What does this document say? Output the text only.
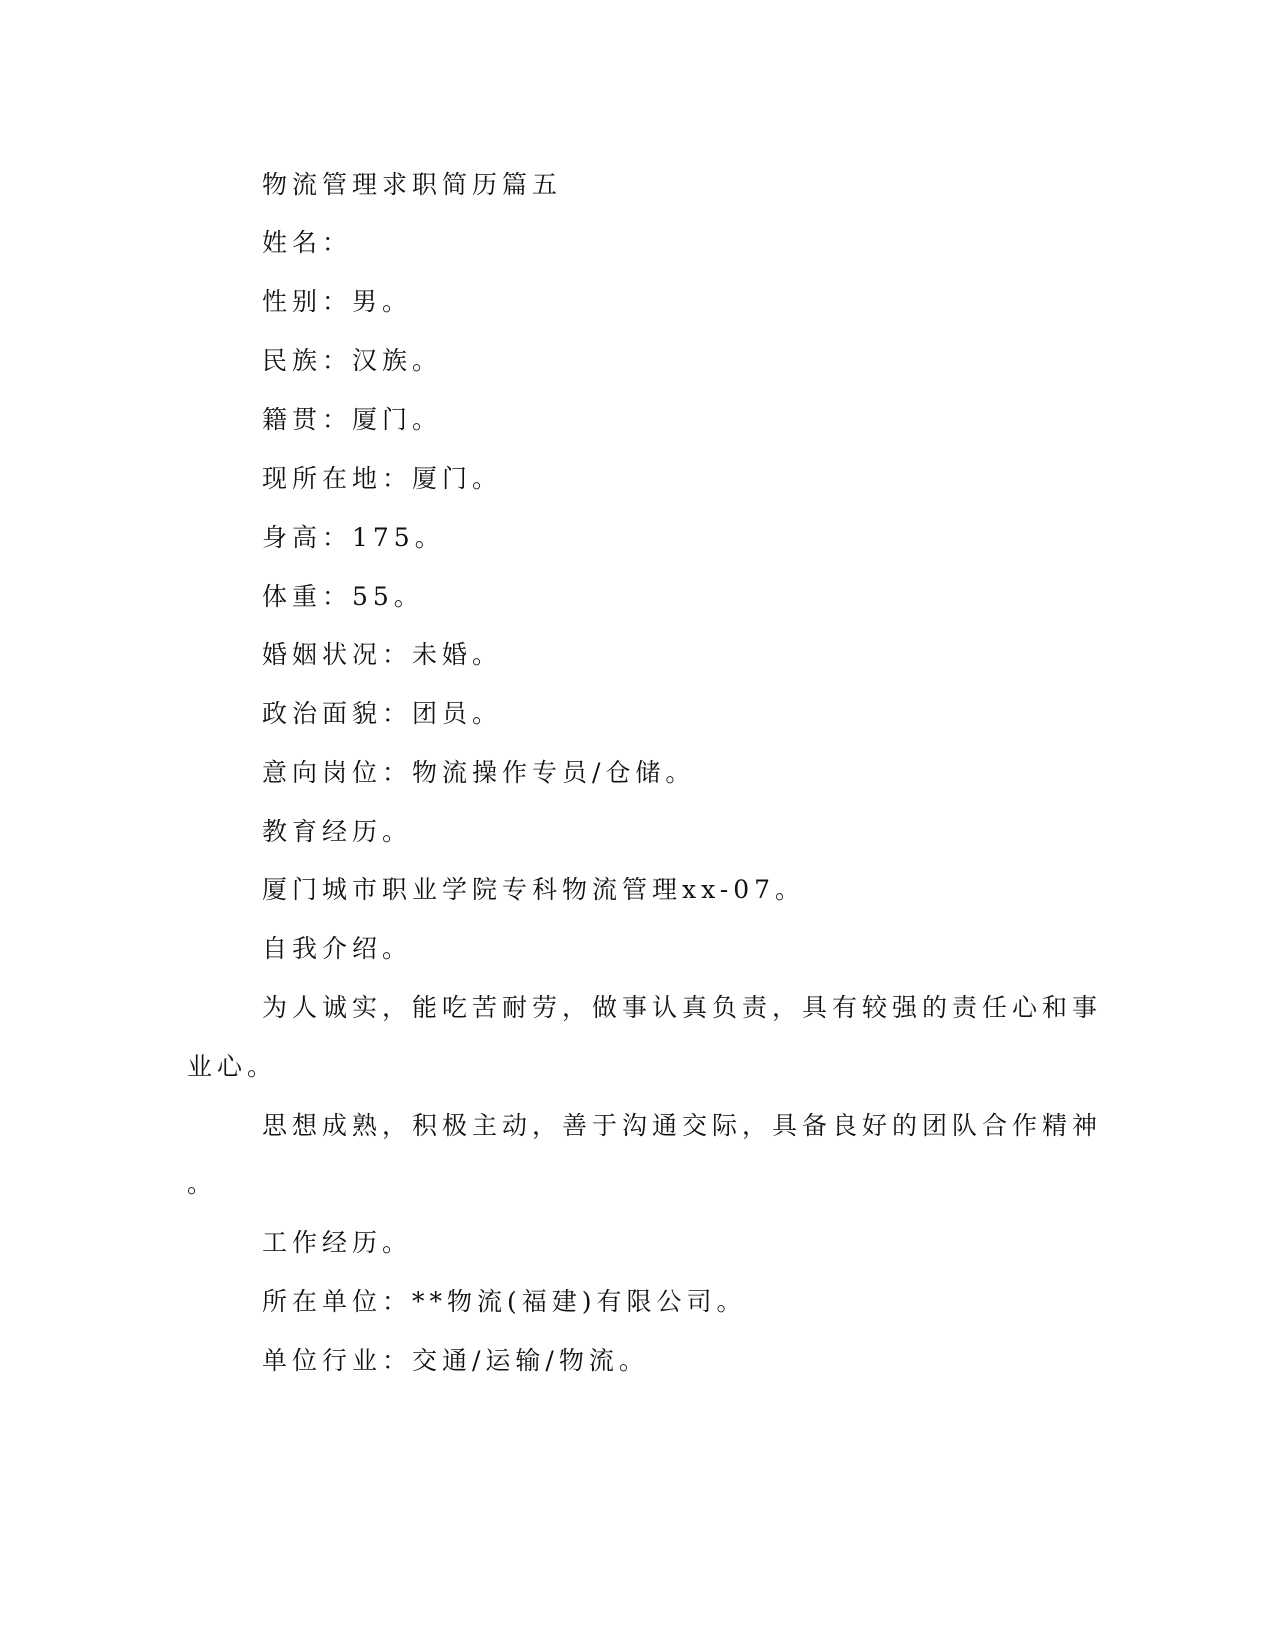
物流管理求职简历篇五
姓名：
性别：男。
民族：汉族。
籍贯：厦门。
现所在地：厦门。
身高：175。
体重：55。
婚姻状况：未婚。
政治面貌：团员。
意向岗位：物流操作专员/仓储。
教育经历。
厦门城市职业学院专科物流管理xx-07。
自我介绍。
为人诚实，能吃苦耐劳，做事认真负责，具有较强的责任心和事
业心。
思想成熟，积极主动，善于沟通交际，具备良好的团队合作精神
。
工作经历。
所在单位：**物流(福建)有限公司。
单位行业：交通/运输/物流。
